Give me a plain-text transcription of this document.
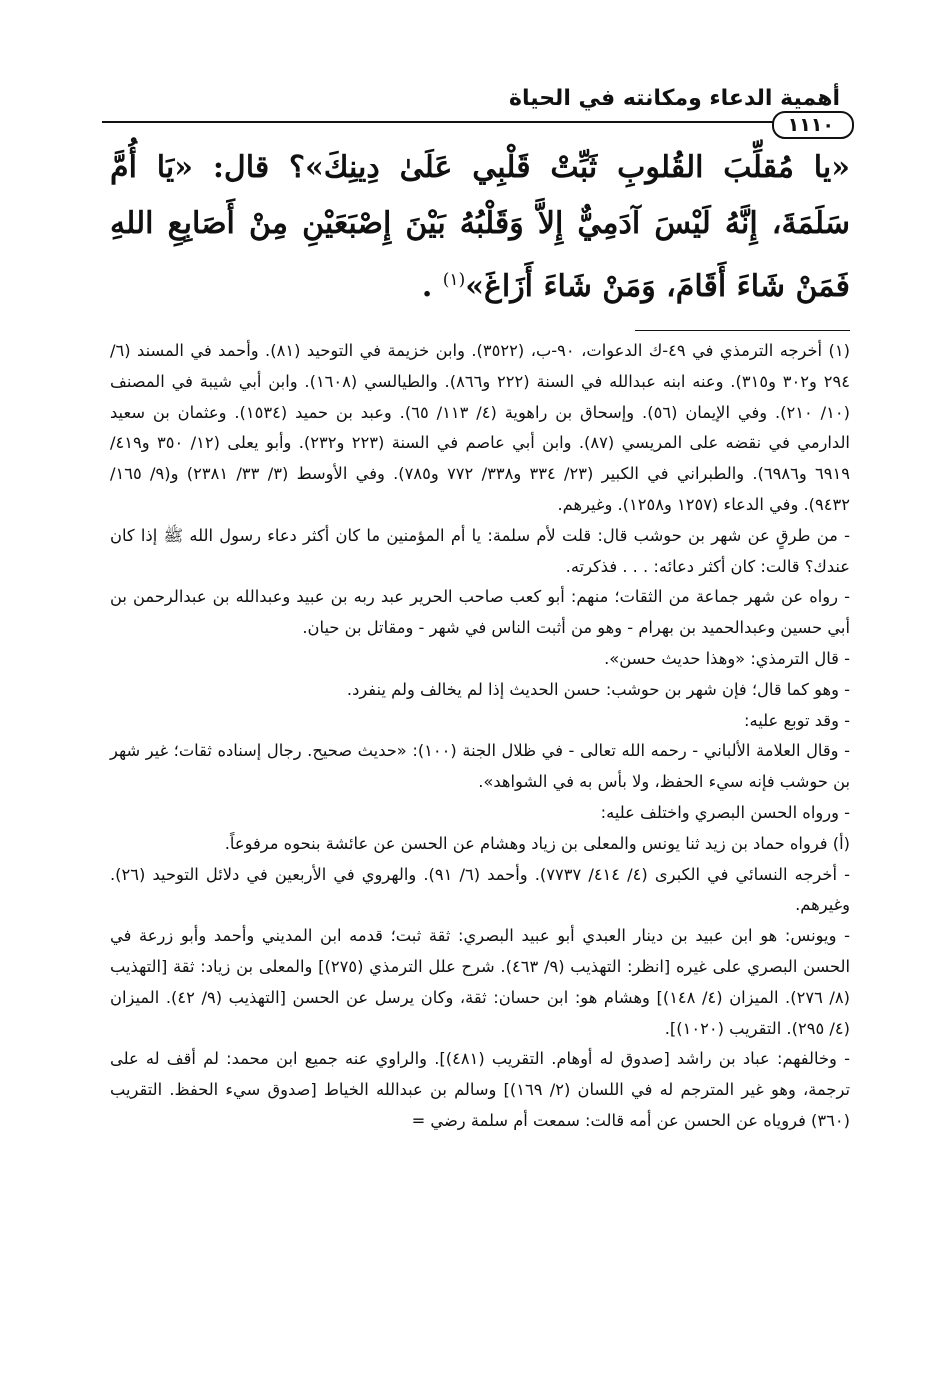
أهمية الدعاء ومكانته في الحياة
١١١٠
«يا مُقلِّبَ القُلوبِ ثَبِّتْ قَلْبِي عَلَىٰ دِينِكَ»؟ قال: «يَا أُمَّ سَلَمَةَ، إِنَّهُ لَيْسَ آدَمِيٌّ إِلاَّ وَقَلْبُهُ بَيْنَ إِصْبَعَيْنِ مِنْ أَصَابِعِ اللهِ فَمَنْ شَاءَ أَقَامَ، وَمَنْ شَاءَ أَزَاغَ»$^{(١)}$ .

(١) أخرجه الترمذي في ٤٩-ك الدعوات، ٩٠-ب، (٣٥٢٢). وابن خزيمة في التوحيد (٨١). وأحمد في المسند (٦/ ٢٩٤ و٣٠٢ و٣١٥). وعنه ابنه عبدالله في السنة (٢٢٢ و٨٦٦). والطيالسي (١٦٠٨). وابن أبي شيبة في المصنف (١٠/ ٢١٠). وفي الإيمان (٥٦). وإسحاق بن راهوية (٤/ ١١٣/ ٦٥). وعبد بن حميد (١٥٣٤). وعثمان بن سعيد الدارمي في نقضه على المريسي (٨٧). وابن أبي عاصم في السنة (٢٢٣ و٢٣٢). وأبو يعلى (١٢/ ٣٥٠ و٤١٩/ ٦٩١٩ و٦٩٨٦). والطبراني في الكبير (٢٣/ ٣٣٤ و٣٣٨/ ٧٧٢ و٧٨٥). وفي الأوسط (٣/ ٣٣/ ٢٣٨١) و(٩/ ١٦٥/ ٩٤٣٢). وفي الدعاء (١٢٥٧ و١٢٥٨). وغيرهم.

- من طرقٍ عن شهر بن حوشب قال: قلت لأم سلمة: يا أم المؤمنين ما كان أكثر دعاء رسول الله ﷺ إذا كان عندك؟ قالت: كان أكثر دعائه: . . . فذكرته.

- رواه عن شهر جماعة من الثقات؛ منهم: أبو كعب صاحب الحرير عبد ربه بن عبيد وعبدالله بن عبدالرحمن بن أبي حسين وعبدالحميد بن بهرام - وهو من أثبت الناس في شهر - ومقاتل بن حيان.

- قال الترمذي: «وهذا حديث حسن».

- وهو كما قال؛ فإن شهر بن حوشب: حسن الحديث إذا لم يخالف ولم ينفرد.

- وقد توبع عليه:

- وقال العلامة الألباني - رحمه الله تعالى - في ظلال الجنة (١٠٠): «حديث صحيح. رجال إسناده ثقات؛ غير شهر بن حوشب فإنه سيء الحفظ، ولا بأس به في الشواهد».

- ورواه الحسن البصري واختلف عليه:

(أ) فرواه حماد بن زيد ثنا يونس والمعلى بن زياد وهشام عن الحسن عن عائشة بنحوه مرفوعاً.

- أخرجه النسائي في الكبرى (٤/ ٤١٤/ ٧٧٣٧). وأحمد (٦/ ٩١). والهروي في الأربعين في دلائل التوحيد (٢٦). وغيرهم.

- ويونس: هو ابن عبيد بن دينار العبدي أبو عبيد البصري: ثقة ثبت؛ قدمه ابن المديني وأحمد وأبو زرعة في الحسن البصري على غيره [انظر: التهذيب (٩/ ٤٦٣). شرح علل الترمذي (٢٧٥)] والمعلى بن زياد: ثقة [التهذيب (٨/ ٢٧٦). الميزان (٤/ ١٤٨)] وهشام هو: ابن حسان: ثقة، وكان يرسل عن الحسن [التهذيب (٩/ ٤٢). الميزان (٤/ ٢٩٥). التقريب (١٠٢٠)].

- وخالفهم: عباد بن راشد [صدوق له أوهام. التقريب (٤٨١)]. والراوي عنه جميع ابن محمد: لم أقف له على ترجمة، وهو غير المترجم له في اللسان (٢/ ١٦٩)] وسالم بن عبدالله الخياط [صدوق سيء الحفظ. التقريب (٣٦٠) فروياه عن الحسن عن أمه قالت: سمعت أم سلمة رضي =
